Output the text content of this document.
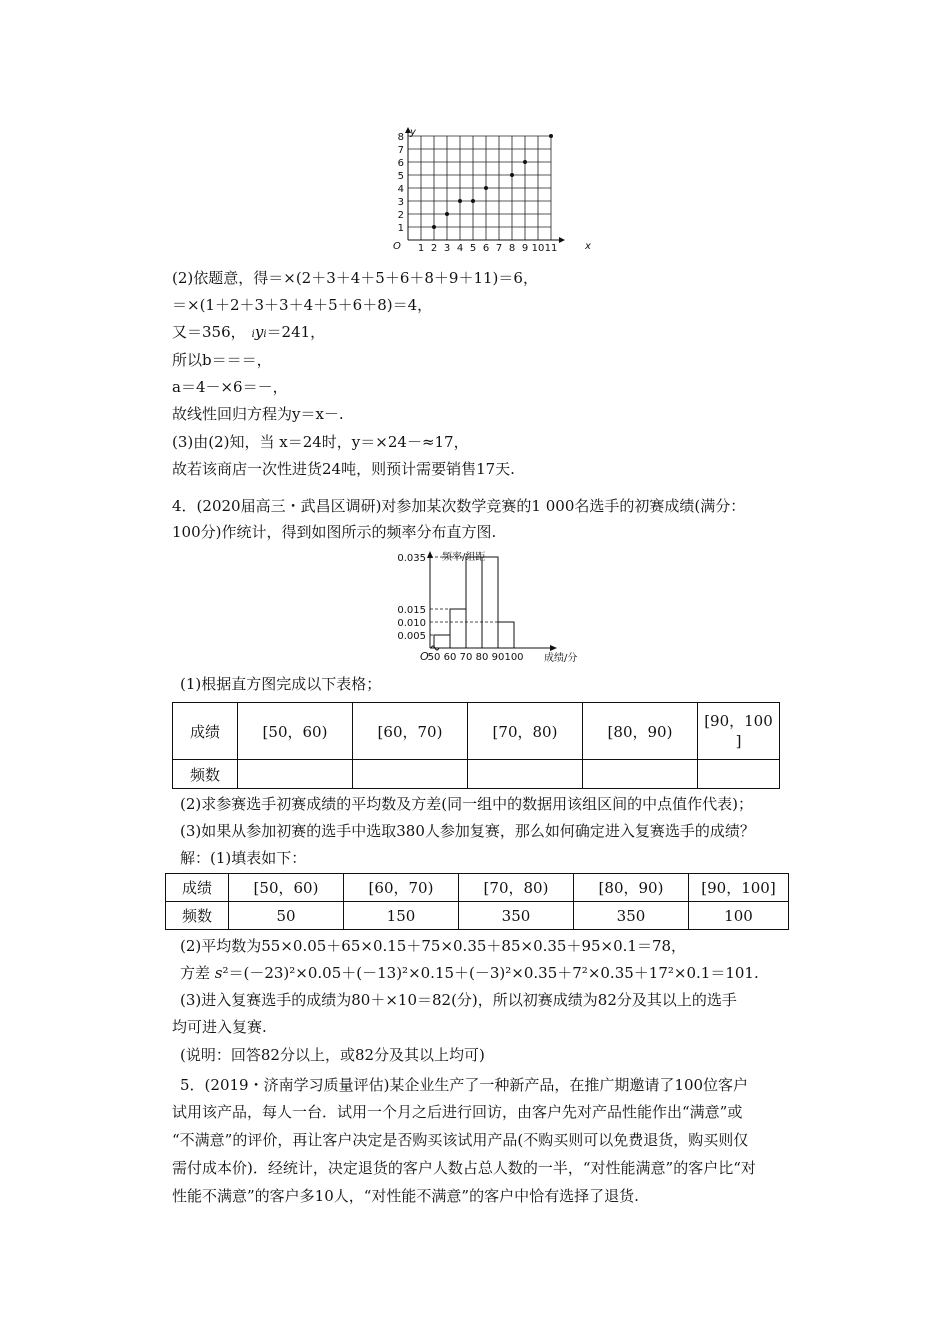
1 2 3 4 5 6 7 8 9 10 11
1
2
3
4
5
6
7
8 y
x
O
(2)依题意，得＝×(2＋3＋4＋5＋6＋8＋9＋11)＝6，
＝×(1＋2＋3＋3＋4＋5＋6＋8)＝4，
又＝356， iyi＝241，
所以b＝＝＝，
a＝4－×6＝－，
故线性回归方程为y＝x－.
(3)由(2)知，当 x＝24时，y＝×24－≈17，
故若该商店一次性进货24吨，则预计需要销售17天.
4．(2020届高三・武昌区调研)对参加某次数学竞赛的1 000名选手的初赛成绩(满分：
100分)作统计，得到如图所示的频率分布直方图.
0.035
0.015
0.010
0.005
50 60 70 80 90 100
频率/组距
成绩/分
O
(1)根据直方图完成以下表格；
成绩	[50，60)	[60，70)	[70，80)	[80，90)	[90，100
]
频数					
(2)求参赛选手初赛成绩的平均数及方差(同一组中的数据用该组区间的中点值作代表)；
(3)如果从参加初赛的选手中选取380人参加复赛，那么如何确定进入复赛选手的成绩？
解：(1)填表如下：
成绩	[50，60)	[60，70)	[70，80)	[80，90)	[90，100]
频数	50	150	350	350	100
(2)平均数为55×0.05＋65×0.15＋75×0.35＋85×0.35＋95×0.1＝78，
方差 s²＝(－23)²×0.05＋(－13)²×0.15＋(－3)²×0.35＋7²×0.35＋17²×0.1＝101.
(3)进入复赛选手的成绩为80＋×10＝82(分)，所以初赛成绩为82分及其以上的选手
均可进入复赛.
(说明：回答82分以上，或82分及其以上均可)
5．(2019・济南学习质量评估)某企业生产了一种新产品，在推广期邀请了100位客户
试用该产品，每人一台．试用一个月之后进行回访，由客户先对产品性能作出“满意”或
“不满意”的评价，再让客户决定是否购买该试用产品(不购买则可以免费退货，购买则仅
需付成本价)．经统计，决定退货的客户人数占总人数的一半，“对性能满意”的客户比“对
性能不满意”的客户多10人，“对性能不满意”的客户中恰有选择了退货.
